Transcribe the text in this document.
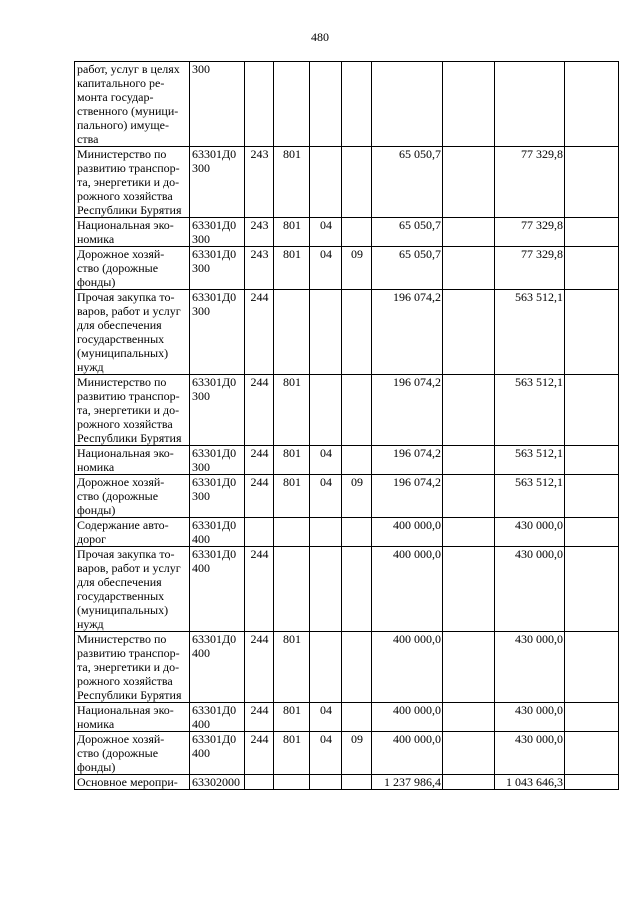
480
работ, услуг в целях капитального ре- монта государ- ственного (муници- пального) имуще- ства	300								
Министерство по развитию транспор- та, энергетики и до- рожного хозяйства Республики Бурятия	63301Д0 300	243	801			65 050,7		77 329,8	
Национальная эко- номика	63301Д0 300	243	801	04		65 050,7		77 329,8	
Дорожное хозяй- ство (дорожные фонды)	63301Д0 300	243	801	04	09	65 050,7		77 329,8	
Прочая закупка то- варов, работ и услуг для обеспечения государственных (муниципальных) нужд	63301Д0 300	244				196 074,2		563 512,1	
Министерство по развитию транспор- та, энергетики и до- рожного хозяйства Республики Бурятия	63301Д0 300	244	801			196 074,2		563 512,1	
Национальная эко- номика	63301Д0 300	244	801	04		196 074,2		563 512,1	
Дорожное хозяй- ство (дорожные фонды)	63301Д0 300	244	801	04	09	196 074,2		563 512,1	
Содержание авто- дорог	63301Д0 400					400 000,0		430 000,0	
Прочая закупка то- варов, работ и услуг для обеспечения государственных (муниципальных) нужд	63301Д0 400	244				400 000,0		430 000,0	
Министерство по развитию транспор- та, энергетики и до- рожного хозяйства Республики Бурятия	63301Д0 400	244	801			400 000,0		430 000,0	
Национальная эко- номика	63301Д0 400	244	801	04		400 000,0		430 000,0	
Дорожное хозяй- ство (дорожные фонды)	63301Д0 400	244	801	04	09	400 000,0		430 000,0	
Основное меропри-	63302000					1 237 986,4		1 043 646,3	
